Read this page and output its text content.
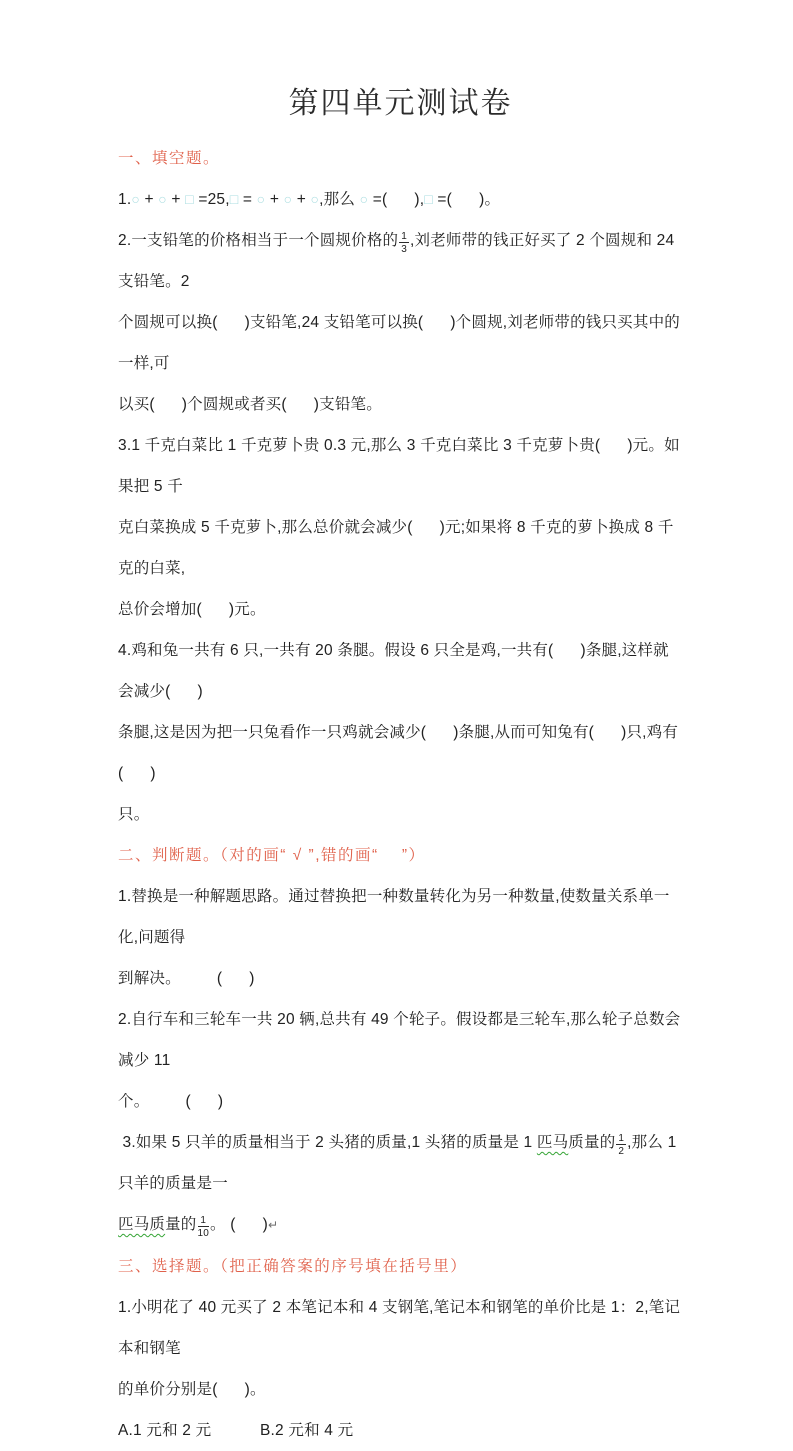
第四单元测试卷
一、填空题。
1.○ + ○ + □ =25,□ = ○ + ○ + ○,那么 ○ =(      ),□ =(      )。
2.一支铅笔的价格相当于一个圆规价格的 $\frac{1}{3}$ ,刘老师带的钱正好买了 2 个圆规和 24 支铅笔。2
个圆规可以换(      )支铅笔,24 支铅笔可以换(      )个圆规,刘老师带的钱只买其中的一样,可
以买(      )个圆规或者买(      )支铅笔。
3.1 千克白菜比 1 千克萝卜贵 0.3 元,那么 3 千克白菜比 3 千克萝卜贵(      )元。如果把 5 千
克白菜换成 5 千克萝卜,那么总价就会减少(      )元;如果将 8 千克的萝卜换成 8 千克的白菜,
总价会增加(      )元。
4.鸡和兔一共有 6 只,一共有 20 条腿。假设 6 只全是鸡,一共有(      )条腿,这样就会减少(      )
条腿,这是因为把一只兔看作一只鸡就会减少(      )条腿,从而可知兔有(      )只,鸡有(      )
只。
二、判断题。（对的画“ √ ”,错的画“    ”）
1.替换是一种解题思路。通过替换把一种数量转化为另一种数量,使数量关系单一化,问题得
到解决。        (      )
2.自行车和三轮车一共 20 辆,总共有 49 个轮子。假设都是三轮车,那么轮子总数会减少 11
个。        (      )
3.如果 5 只羊的质量相当于 2 头猪的质量,1 头猪的质量是 1 匹马质量的 $\frac{1}{2}$ ,那么 1 只羊的质量是一
匹马质量的 $\frac{1}{10}$ 。 (      )↵
三、选择题。（把正确答案的序号填在括号里）
1.小明花了 40 元买了 2 本笔记本和 4 支钢笔,笔记本和钢笔的单价比是 1：2,笔记本和钢笔
的单价分别是(      )。
A.1 元和 2 元	B.2 元和 4 元
